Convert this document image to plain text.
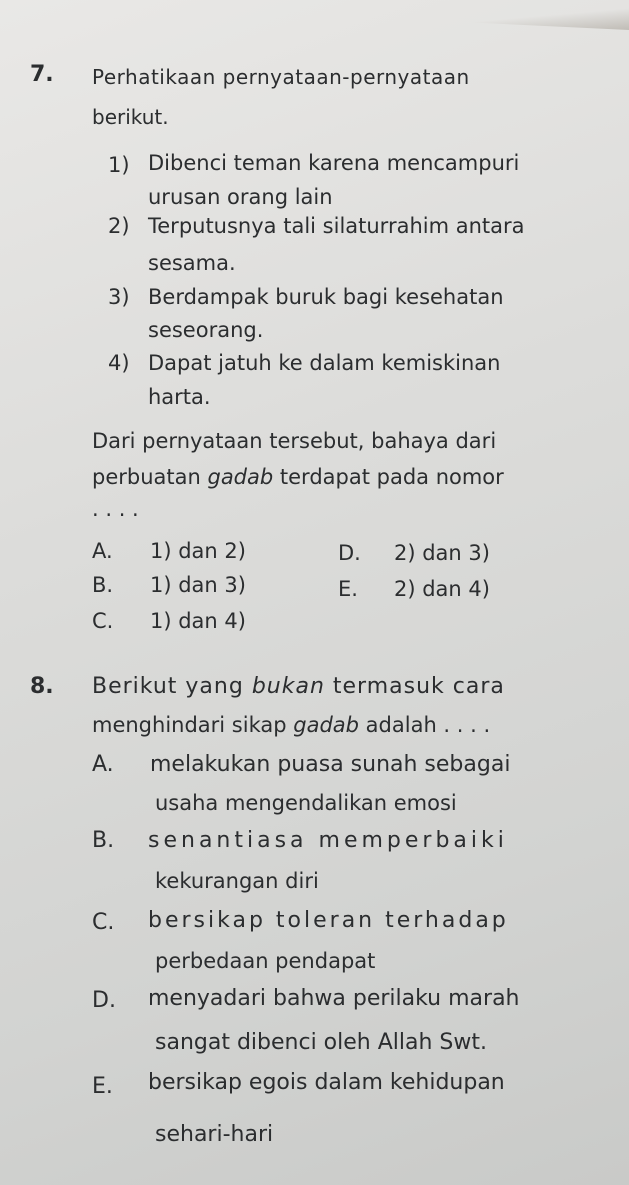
7. Perhatikaan pernyataan-pernyataan
berikut.
1) Dibenci teman karena mencampuri
urusan orang lain
2) Terputusnya tali silaturrahim antara
sesama.
3) Berdampak buruk bagi kesehatan
seseorang.
4) Dapat jatuh ke dalam kemiskinan
harta.
Dari pernyataan tersebut, bahaya dari
perbuatan gadab terdapat pada nomor
. . . .
A. 1) dan 2)	D. 2) dan 3)
B. 1) dan 3)	E. 2) dan 4)
C. 1) dan 4)
8. Berikut yang bukan termasuk cara
menghindari sikap gadab adalah . . . .
A. melakukan puasa sunah sebagai
usaha mengendalikan emosi
B. senantiasa memperbaiki
kekurangan diri
C. bersikap toleran terhadap
perbedaan pendapat
D. menyadari bahwa perilaku marah
sangat dibenci oleh Allah Swt.
E. bersikap egois dalam kehidupan
sehari-hari
